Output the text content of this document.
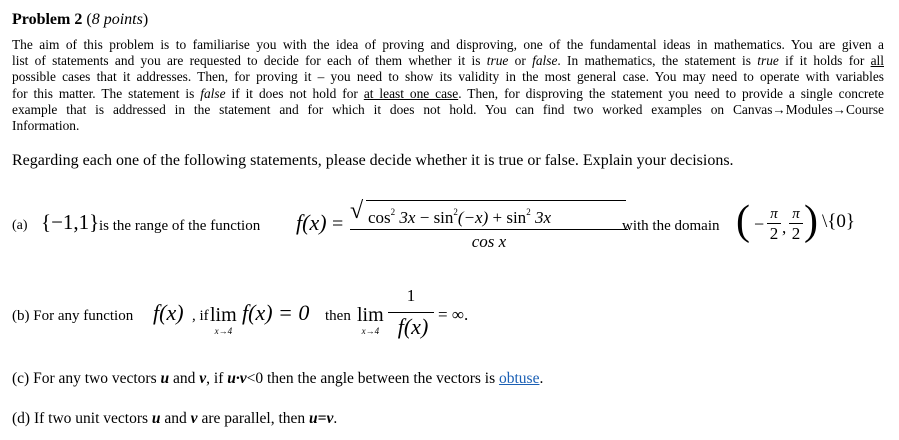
Problem 2 (8 points)
The aim of this problem is to familiarise you with the idea of proving and disproving, one of the fundamental ideas in mathematics. You are given a
list of statements and you are requested to decide for each of them whether it is true or false. In mathematics, the statement is true if it holds for all
possible cases that it addresses. Then, for proving it – you need to show its validity in the most general case. You may need to operate with variables
for this matter. The statement is false if it does not hold for at least one case. Then, for disproving the statement you need to provide a single concrete
example that is addressed in the statement and for which it does not hold. You can find two worked examples on Canvas→Modules→Course
Information.
Regarding each one of the following statements, please decide whether it is true or false. Explain your decisions.
(a) {−1,1} is the range of the function f(x) = √ $\cos^2 3x - \sin^2(-x) + \sin^2 3x$
cos x
with the domain ( − $\frac{\pi}{2}$ , $\frac{\pi}{2}$ ) \{0}
(b) For any function f(x) , if lim
x→4
f(x) = 0 then lim
x→4
1
f(x) = ∞.
(c) For any two vectors u and v, if u·v<0 then the angle between the vectors is obtuse.
(d) If two unit vectors u and v are parallel, then u=v.
